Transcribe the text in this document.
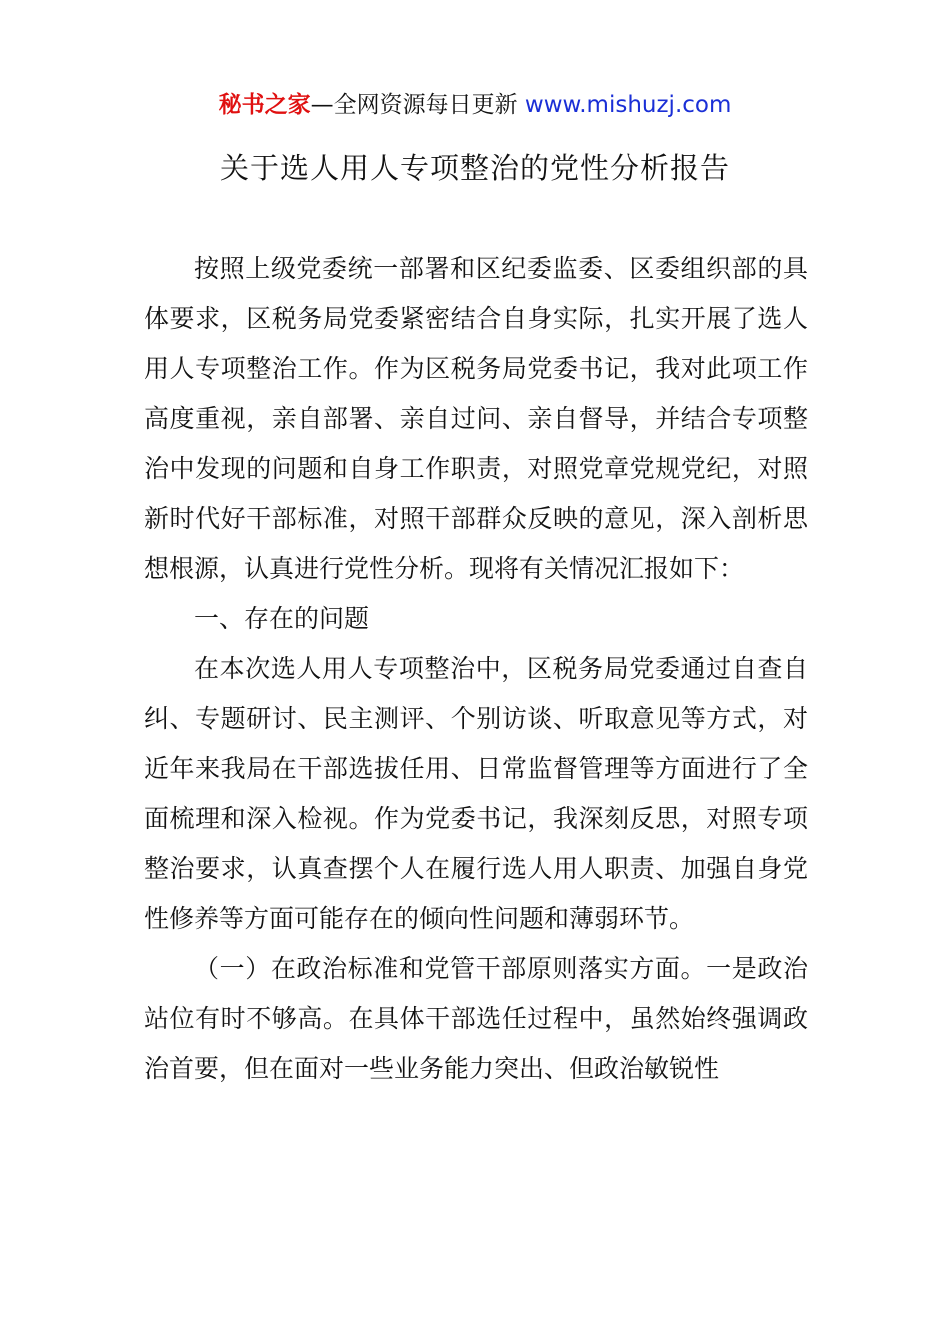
秘书之家—全网资源每日更新 www.mishuzj.com
关于选人用人专项整治的党性分析报告

按照上级党委统一部署和区纪委监委、区委组织部的具体要求，区税务局党委紧密结合自身实际，扎实开展了选人用人专项整治工作。作为区税务局党委书记，我对此项工作高度重视，亲自部署、亲自过问、亲自督导，并结合专项整治中发现的问题和自身工作职责，对照党章党规党纪，对照新时代好干部标准，对照干部群众反映的意见，深入剖析思想根源，认真进行党性分析。现将有关情况汇报如下：

一、存在的问题

在本次选人用人专项整治中，区税务局党委通过自查自纠、专题研讨、民主测评、个别访谈、听取意见等方式，对近年来我局在干部选拔任用、日常监督管理等方面进行了全面梳理和深入检视。作为党委书记，我深刻反思，对照专项整治要求，认真查摆个人在履行选人用人职责、加强自身党性修养等方面可能存在的倾向性问题和薄弱环节。

（一）在政治标准和党管干部原则落实方面。一是政治站位有时不够高。在具体干部选任过程中，虽然始终强调政治首要，但在面对一些业务能力突出、但政治敏锐性
